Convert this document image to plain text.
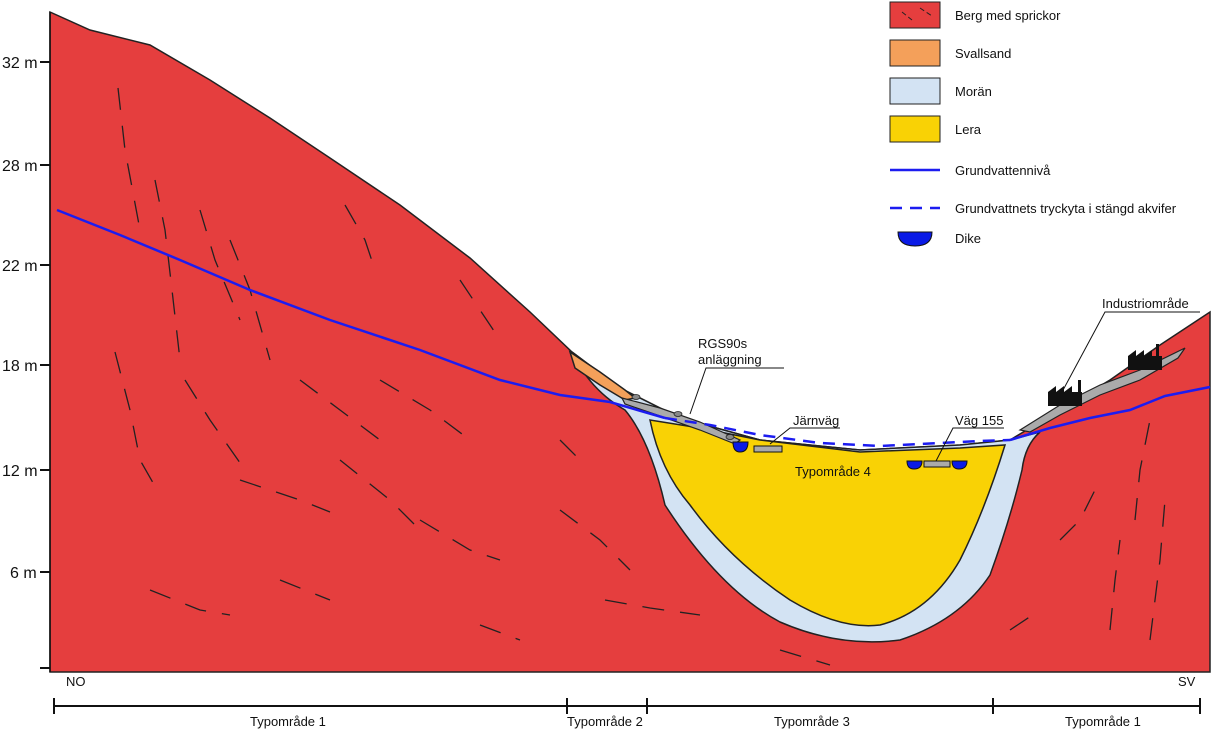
RGS90s
anläggning
Järnväg	Väg 155
Industriområde
Typområde 4
32 m
28 m
22 m
18 m
12 m
6 m
NO	SV
Typområde 1	Typområde 2	Typområde 3	Typområde 1
Berg med sprickor
Svallsand
Morän
Lera
Grundvattennivå
Grundvattnets tryckyta i stängd akvifer
Dike
